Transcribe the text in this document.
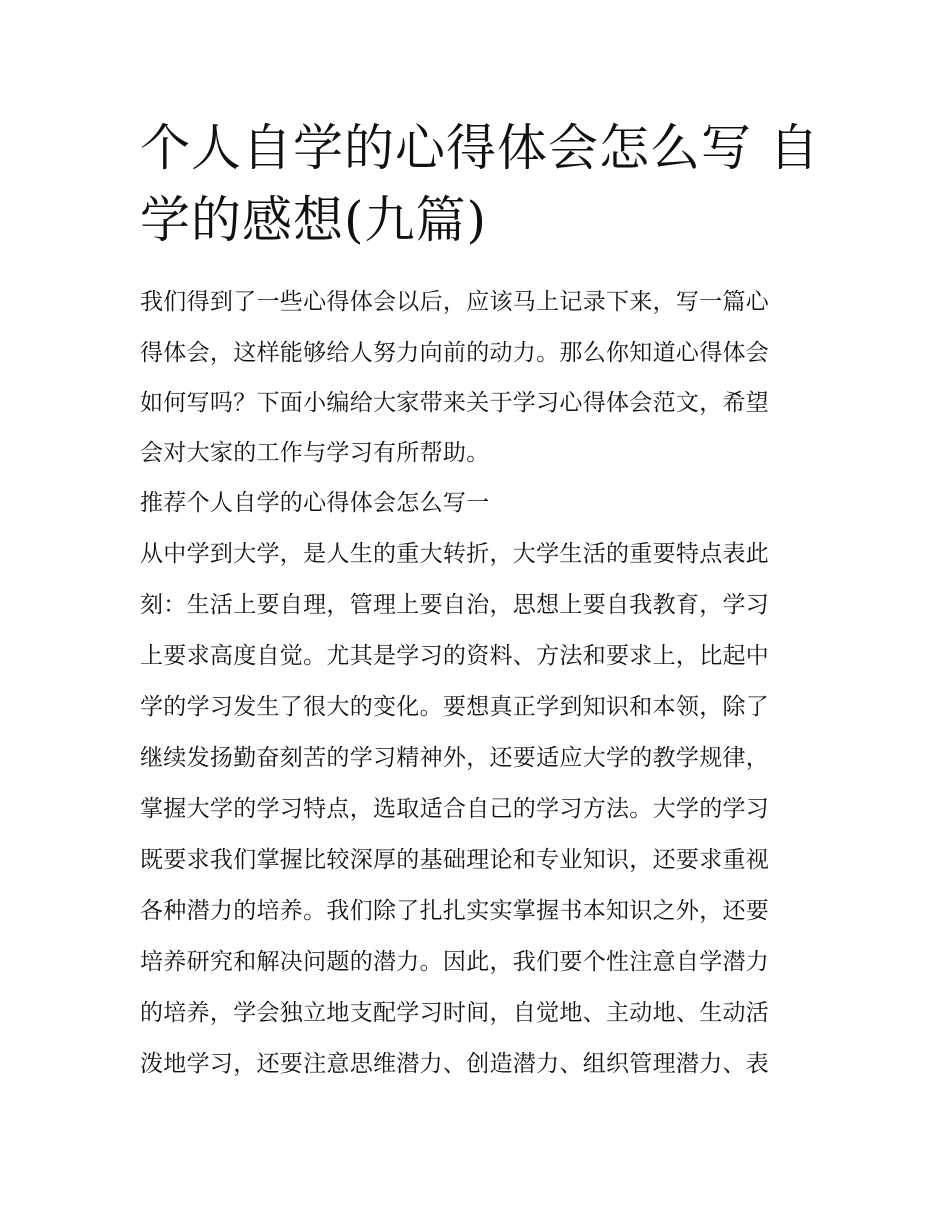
个人自学的心得体会怎么写 自
学的感想(九篇)

我们得到了一些心得体会以后，应该马上记录下来，写一篇心

得体会，这样能够给人努力向前的动力。那么你知道心得体会

如何写吗？下面小编给大家带来关于学习心得体会范文，希望

会对大家的工作与学习有所帮助。

推荐个人自学的心得体会怎么写一

从中学到大学，是人生的重大转折，大学生活的重要特点表此

刻：生活上要自理，管理上要自治，思想上要自我教育，学习

上要求高度自觉。尤其是学习的资料、方法和要求上，比起中

学的学习发生了很大的变化。要想真正学到知识和本领，除了

继续发扬勤奋刻苦的学习精神外，还要适应大学的教学规律，

掌握大学的学习特点，选取适合自己的学习方法。大学的学习

既要求我们掌握比较深厚的基础理论和专业知识，还要求重视

各种潜力的培养。我们除了扎扎实实掌握书本知识之外，还要

培养研究和解决问题的潜力。因此，我们要个性注意自学潜力

的培养，学会独立地支配学习时间，自觉地、主动地、生动活

泼地学习，还要注意思维潜力、创造潜力、组织管理潜力、表
